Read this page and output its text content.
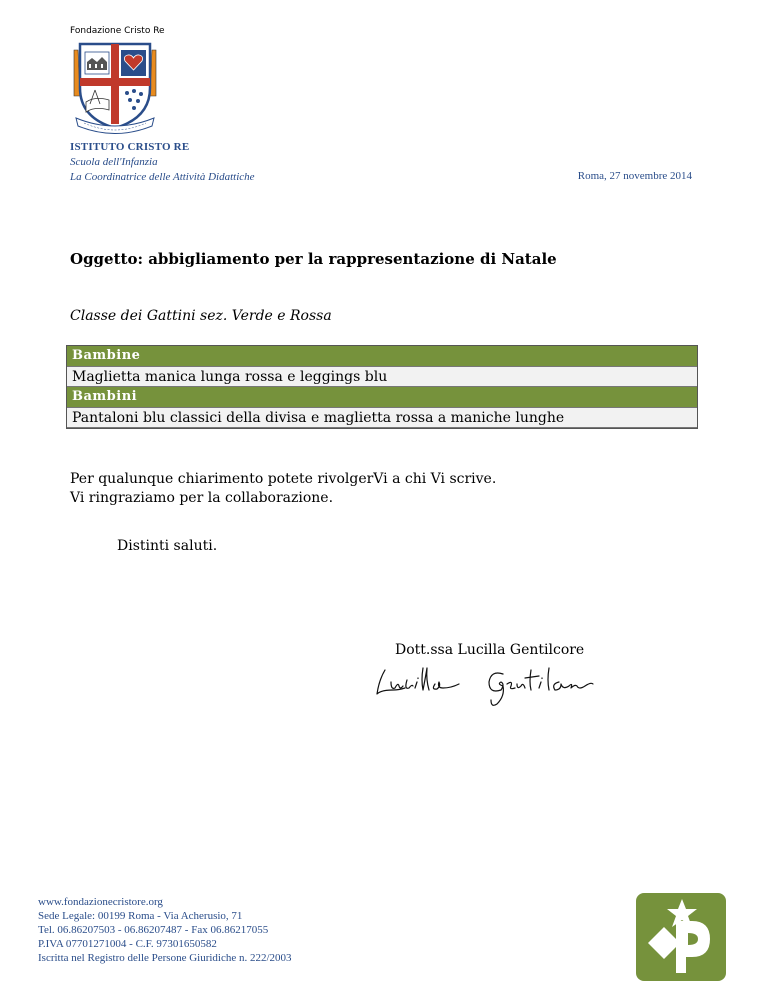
Fondazione Cristo Re
ISTITUTO CRISTO RE
Scuola dell'Infanzia
La Coordinatrice delle Attività Didattiche	Roma, 27 novembre 2014
Oggetto: abbigliamento per la rappresentazione di Natale
Classe dei Gattini sez. Verde e Rossa
Bambine
Maglietta manica lunga rossa e leggings blu
Bambini
Pantaloni blu classici della divisa e maglietta rossa a maniche lunghe
Per qualunque chiarimento potete rivolgerVi a chi Vi scrive.
Vi ringraziamo per la collaborazione.
Distinti saluti.
Dott.ssa Lucilla Gentilcore
www.fondazionecristore.org
Sede Legale: 00199 Roma - Via Acherusio, 71
Tel. 06.86207503 - 06.86207487 - Fax 06.86217055
P.IVA 07701271004 - C.F. 97301650582
Iscritta nel Registro delle Persone Giuridiche n. 222/2003
